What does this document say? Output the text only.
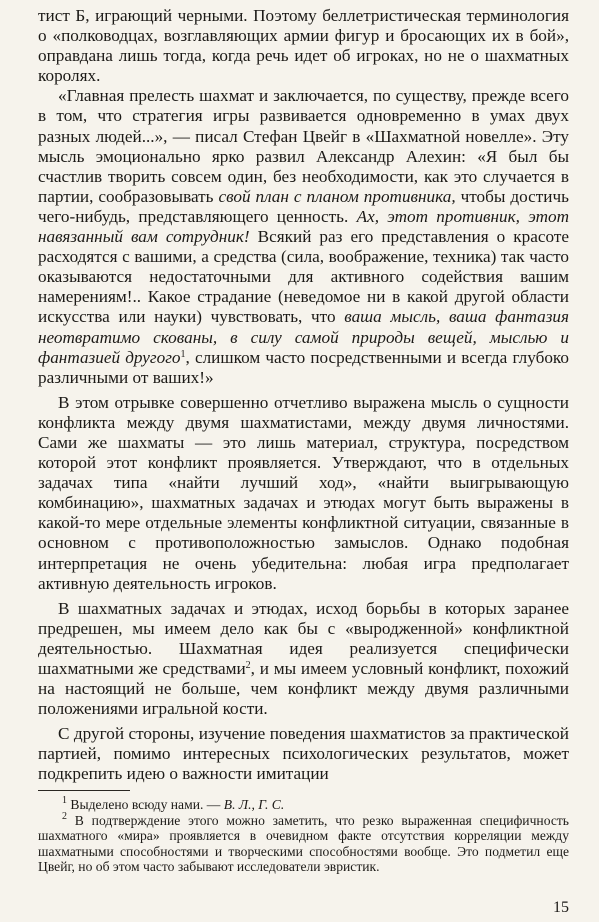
тист Б, играющий черными. Поэтому беллетристическая терминология о «полководцах, возглавляющих армии фигур и бросающих их в бой», оправдана лишь тогда, когда речь идет об игроках, но не о шахматных королях.

«Главная прелесть шахмат и заключается, по существу, прежде всего в том, что стратегия игры развивается одновременно в умах двух разных людей...», — писал Стефан Цвейг в «Шахматной новелле». Эту мысль эмоционально ярко развил Александр Алехин: «Я был бы счастлив творить совсем один, без необходимости, как это случается в партии, сообразовывать свой план с планом противника, чтобы достичь чего-нибудь, представляющего ценность. Ах, этот противник, этот навязанный вам сотрудник! Всякий раз его представления о красоте расходятся с вашими, а средства (сила, воображение, техника) так часто оказываются недостаточными для активного содействия вашим намерениям!.. Какое страдание (неведомое ни в какой другой области искусства или науки) чувствовать, что ваша мысль, ваша фантазия неотвратимо скованы, в силу самой природы вещей, мыслью и фантазией другого$^1$, слишком часто посредственными и всегда глубоко различными от ваших!»

В этом отрывке совершенно отчетливо выражена мысль о сущности конфликта между двумя шахматистами, между двумя личностями. Сами же шахматы — это лишь материал, структура, посредством которой этот конфликт проявляется. Утверждают, что в отдельных задачах типа «найти лучший ход», «найти выигрывающую комбинацию», шахматных задачах и этюдах могут быть выражены в какой-то мере отдельные элементы конфликтной ситуации, связанные в основном с противоположностью замыслов. Однако подобная интерпретация не очень убедительна: любая игра предполагает активную деятельность игроков.

В шахматных задачах и этюдах, исход борьбы в которых заранее предрешен, мы имеем дело как бы с «выродженной» конфликтной деятельностью. Шахматная идея реализуется специфически шахматными же средствами$^2$, и мы имеем условный конфликт, похожий на настоящий не больше, чем конфликт между двумя различными положениями игральной кости.

С другой стороны, изучение поведения шахматистов за практической партией, помимо интересных психологических результатов, может подкрепить идею о важности имитации

$^1$ Выделено всюду нами. — В. Л., Г. С.

$^2$ В подтверждение этого можно заметить, что резко выраженная специфичность шахматного «мира» проявляется в очевидном факте отсутствия корреляции между шахматными способностями и творческими способностями вообще. Это подметил еще Цвейг, но об этом часто забывают исследователи эвристик.

15
